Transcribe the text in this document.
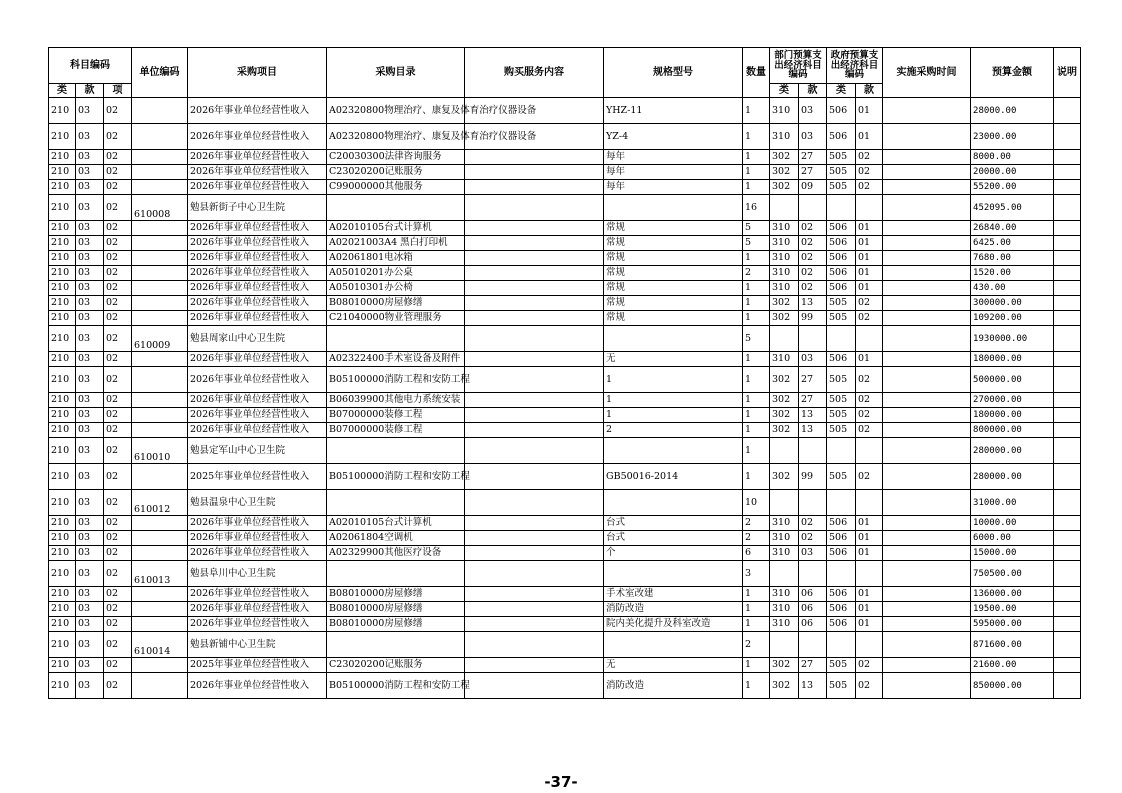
科目编码			单位编码	采购项目	采购目录	购买服务内容	规格型号	数量	部门预算支出经济科目编码		政府预算支出经济科目编码		实施采购时间	预算金额	说明
类	款	项							类	款	类	款			
210	03	02		2026年事业单位经营性收入	A02320800物理治疗、康复及体育治疗仪器设备		YHZ-11	1	310	03	506	01		28000.00	
210	03	02		2026年事业单位经营性收入	A02320800物理治疗、康复及体育治疗仪器设备		YZ-4	1	310	03	506	01		23000.00	
210	03	02		2026年事业单位经营性收入	C20030300法律咨询服务		每年	1	302	27	505	02		8000.00	
210	03	02		2026年事业单位经营性收入	C23020200记账服务		每年	1	302	27	505	02		20000.00	
210	03	02		2026年事业单位经营性收入	C99000000其他服务		每年	1	302	09	505	02		55200.00	
210	03	02	610008	勉县新街子中心卫生院				16						452095.00	
210	03	02		2026年事业单位经营性收入	A02010105台式计算机		常规	5	310	02	506	01		26840.00	
210	03	02		2026年事业单位经营性收入	A02021003A4 黑白打印机		常规	5	310	02	506	01		6425.00	
210	03	02		2026年事业单位经营性收入	A02061801电冰箱		常规	1	310	02	506	01		7680.00	
210	03	02		2026年事业单位经营性收入	A05010201办公桌		常规	2	310	02	506	01		1520.00	
210	03	02		2026年事业单位经营性收入	A05010301办公椅		常规	1	310	02	506	01		430.00	
210	03	02		2026年事业单位经营性收入	B08010000房屋修缮		常规	1	302	13	505	02		300000.00	
210	03	02		2026年事业单位经营性收入	C21040000物业管理服务		常规	1	302	99	505	02		109200.00	
210	03	02	610009	勉县周家山中心卫生院				5						1930000.00	
210	03	02		2026年事业单位经营性收入	A02322400手术室设备及附件		无	1	310	03	506	01		180000.00	
210	03	02		2026年事业单位经营性收入	B05100000消防工程和安防工程		1	1	302	27	505	02		500000.00	
210	03	02		2026年事业单位经营性收入	B06039900其他电力系统安装		1	1	302	27	505	02		270000.00	
210	03	02		2026年事业单位经营性收入	B07000000装修工程		1	1	302	13	505	02		180000.00	
210	03	02		2026年事业单位经营性收入	B07000000装修工程		2	1	302	13	505	02		800000.00	
210	03	02	610010	勉县定军山中心卫生院				1						280000.00	
210	03	02		2025年事业单位经营性收入	B05100000消防工程和安防工程		GB50016-2014	1	302	99	505	02		280000.00	
210	03	02	610012	勉县温泉中心卫生院				10						31000.00	
210	03	02		2026年事业单位经营性收入	A02010105台式计算机		台式	2	310	02	506	01		10000.00	
210	03	02		2026年事业单位经营性收入	A02061804空调机		台式	2	310	02	506	01		6000.00	
210	03	02		2026年事业单位经营性收入	A02329900其他医疗设备		个	6	310	03	506	01		15000.00	
210	03	02	610013	勉县阜川中心卫生院				3						750500.00	
210	03	02		2026年事业单位经营性收入	B08010000房屋修缮		手术室改建	1	310	06	506	01		136000.00	
210	03	02		2026年事业单位经营性收入	B08010000房屋修缮		消防改造	1	310	06	506	01		19500.00	
210	03	02		2026年事业单位经营性收入	B08010000房屋修缮		院内美化提升及科室改造	1	310	06	506	01		595000.00	
210	03	02	610014	勉县新铺中心卫生院				2						871600.00	
210	03	02		2025年事业单位经营性收入	C23020200记账服务		无	1	302	27	505	02		21600.00	
210	03	02		2026年事业单位经营性收入	B05100000消防工程和安防工程		消防改造	1	302	13	505	02		850000.00	
-37-
